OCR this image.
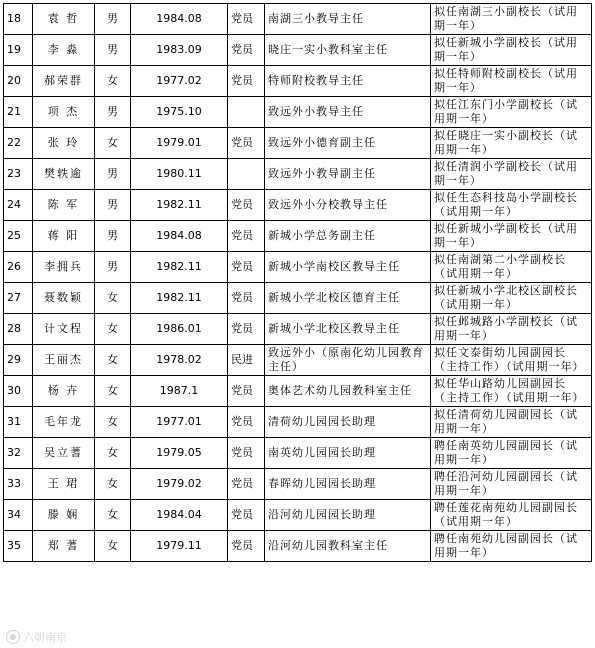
18	袁 哲	男	1984.08	党员	南湖三小教导主任	拟任南湖三小副校长（试用期一年）
19	李 淼	男	1983.09	党员	晓庄一实小教科室主任	拟任新城小学副校长（试用期一年）
20	郝荣群	女	1977.02	党员	特师附校教导主任	拟任特师附校副校长（试用期一年）
21	项 杰	男	1975.10		致远外小教导主任	拟任江东门小学副校长（试用期一年）
22	张 玲	女	1979.01	党员	致远外小德育副主任	拟任晓庄一实小副校长（试用期一年）
23	樊轶逾	男	1980.11		致远外小教导副主任	拟任清润小学副校长（试用期一年）
24	陈 军	男	1982.11	党员	致远外小分校教导主任	拟任生态科技岛小学副校长（试用期一年）
25	蒋 阳	男	1984.08	党员	新城小学总务副主任	拟任新城小学副校长（试用期一年）
26	李拥兵	男	1982.11	党员	新城小学南校区教导主任	拟任南湖第二小学副校长（试用期一年）
27	聂数颖	女	1982.11	党员	新城小学北校区德育主任	拟任新城小学北校区副校长（试用期一年）
28	计文程	女	1986.01	党员	新城小学北校区教导主任	拟任邺城路小学副校长（试用期一年）
29	王丽杰	女	1978.02	民进	致远外小（原南化幼儿园教育主任）	拟任文泰街幼儿园副园长（主持工作）（试用期一年）
30	杨 卉	女	1987.1	党员	奥体艺术幼儿园教科室主任	拟任华山路幼儿园副园长（主持工作）（试用期一年）
31	毛年龙	女	1977.01	党员	清荷幼儿园园长助理	拟任清荷幼儿园副园长（试用期一年）
32	吴立蓍	女	1979.05	党员	南英幼儿园园长助理	聘任南英幼儿园副园长（试用期一年）
33	王 珺	女	1979.02	党员	春晖幼儿园园长助理	聘任沿河幼儿园副园长（试用期一年）
34	滕 娴	女	1984.04	党员	沿河幼儿园园长助理	聘任莲花南苑幼儿园副园长（试用期一年）
35	郑 蓍	女	1979.11	党员	沿河幼儿园教科室主任	聘任南苑幼儿园副园长（试用期一年）
六朝南京
